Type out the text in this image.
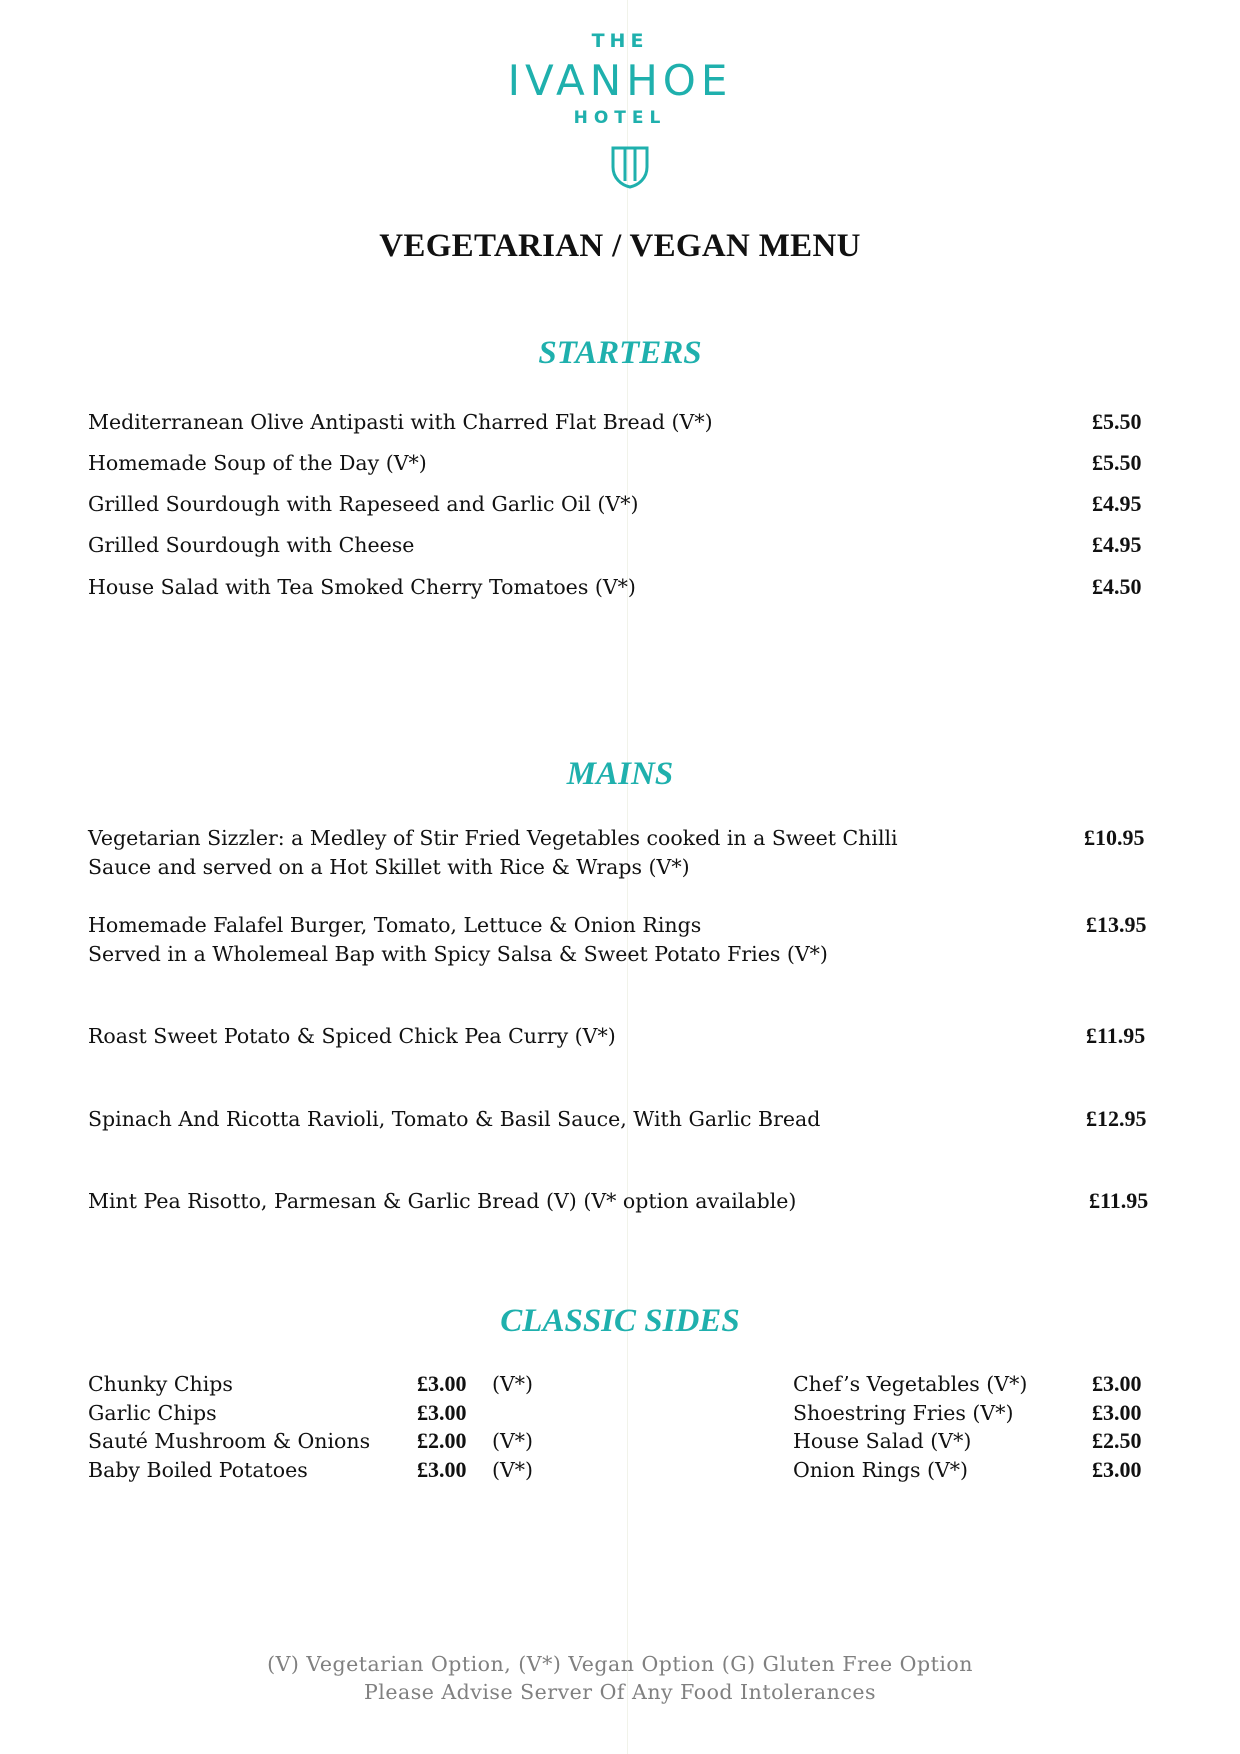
THE
IVANHOE
HOTEL
VEGETARIAN / VEGAN MENU
STARTERS
Mediterranean Olive Antipasti with Charred Flat Bread (V*)	£5.50
Homemade Soup of the Day (V*)	£5.50
Grilled Sourdough with Rapeseed and Garlic Oil (V*)	£4.95
Grilled Sourdough with Cheese	£4.95
House Salad with Tea Smoked Cherry Tomatoes (V*)	£4.50
MAINS
Vegetarian Sizzler: a Medley of Stir Fried Vegetables cooked in a Sweet Chilli
Sauce and served on a Hot Skillet with Rice & Wraps (V*)
£10.95
Homemade Falafel Burger, Tomato, Lettuce & Onion Rings
Served in a Wholemeal Bap with Spicy Salsa & Sweet Potato Fries (V*)
£13.95
Roast Sweet Potato & Spiced Chick Pea Curry (V*)	£11.95
Spinach And Ricotta Ravioli, Tomato & Basil Sauce, With Garlic Bread	£12.95
Mint Pea Risotto, Parmesan & Garlic Bread (V) (V* option available)	£11.95
CLASSIC SIDES
Chunky Chips	£3.00 (V*)
Garlic Chips	£3.00
Sauté Mushroom & Onions £2.00 (V*)
Baby Boiled Potatoes	£3.00 (V*)
Chef’s Vegetables (V*)	£3.00
Shoestring Fries (V*)	£3.00
House Salad (V*)	£2.50
Onion Rings (V*)	£3.00
(V) Vegetarian Option, (V*) Vegan Option (G) Gluten Free Option
Please Advise Server Of Any Food Intolerances
